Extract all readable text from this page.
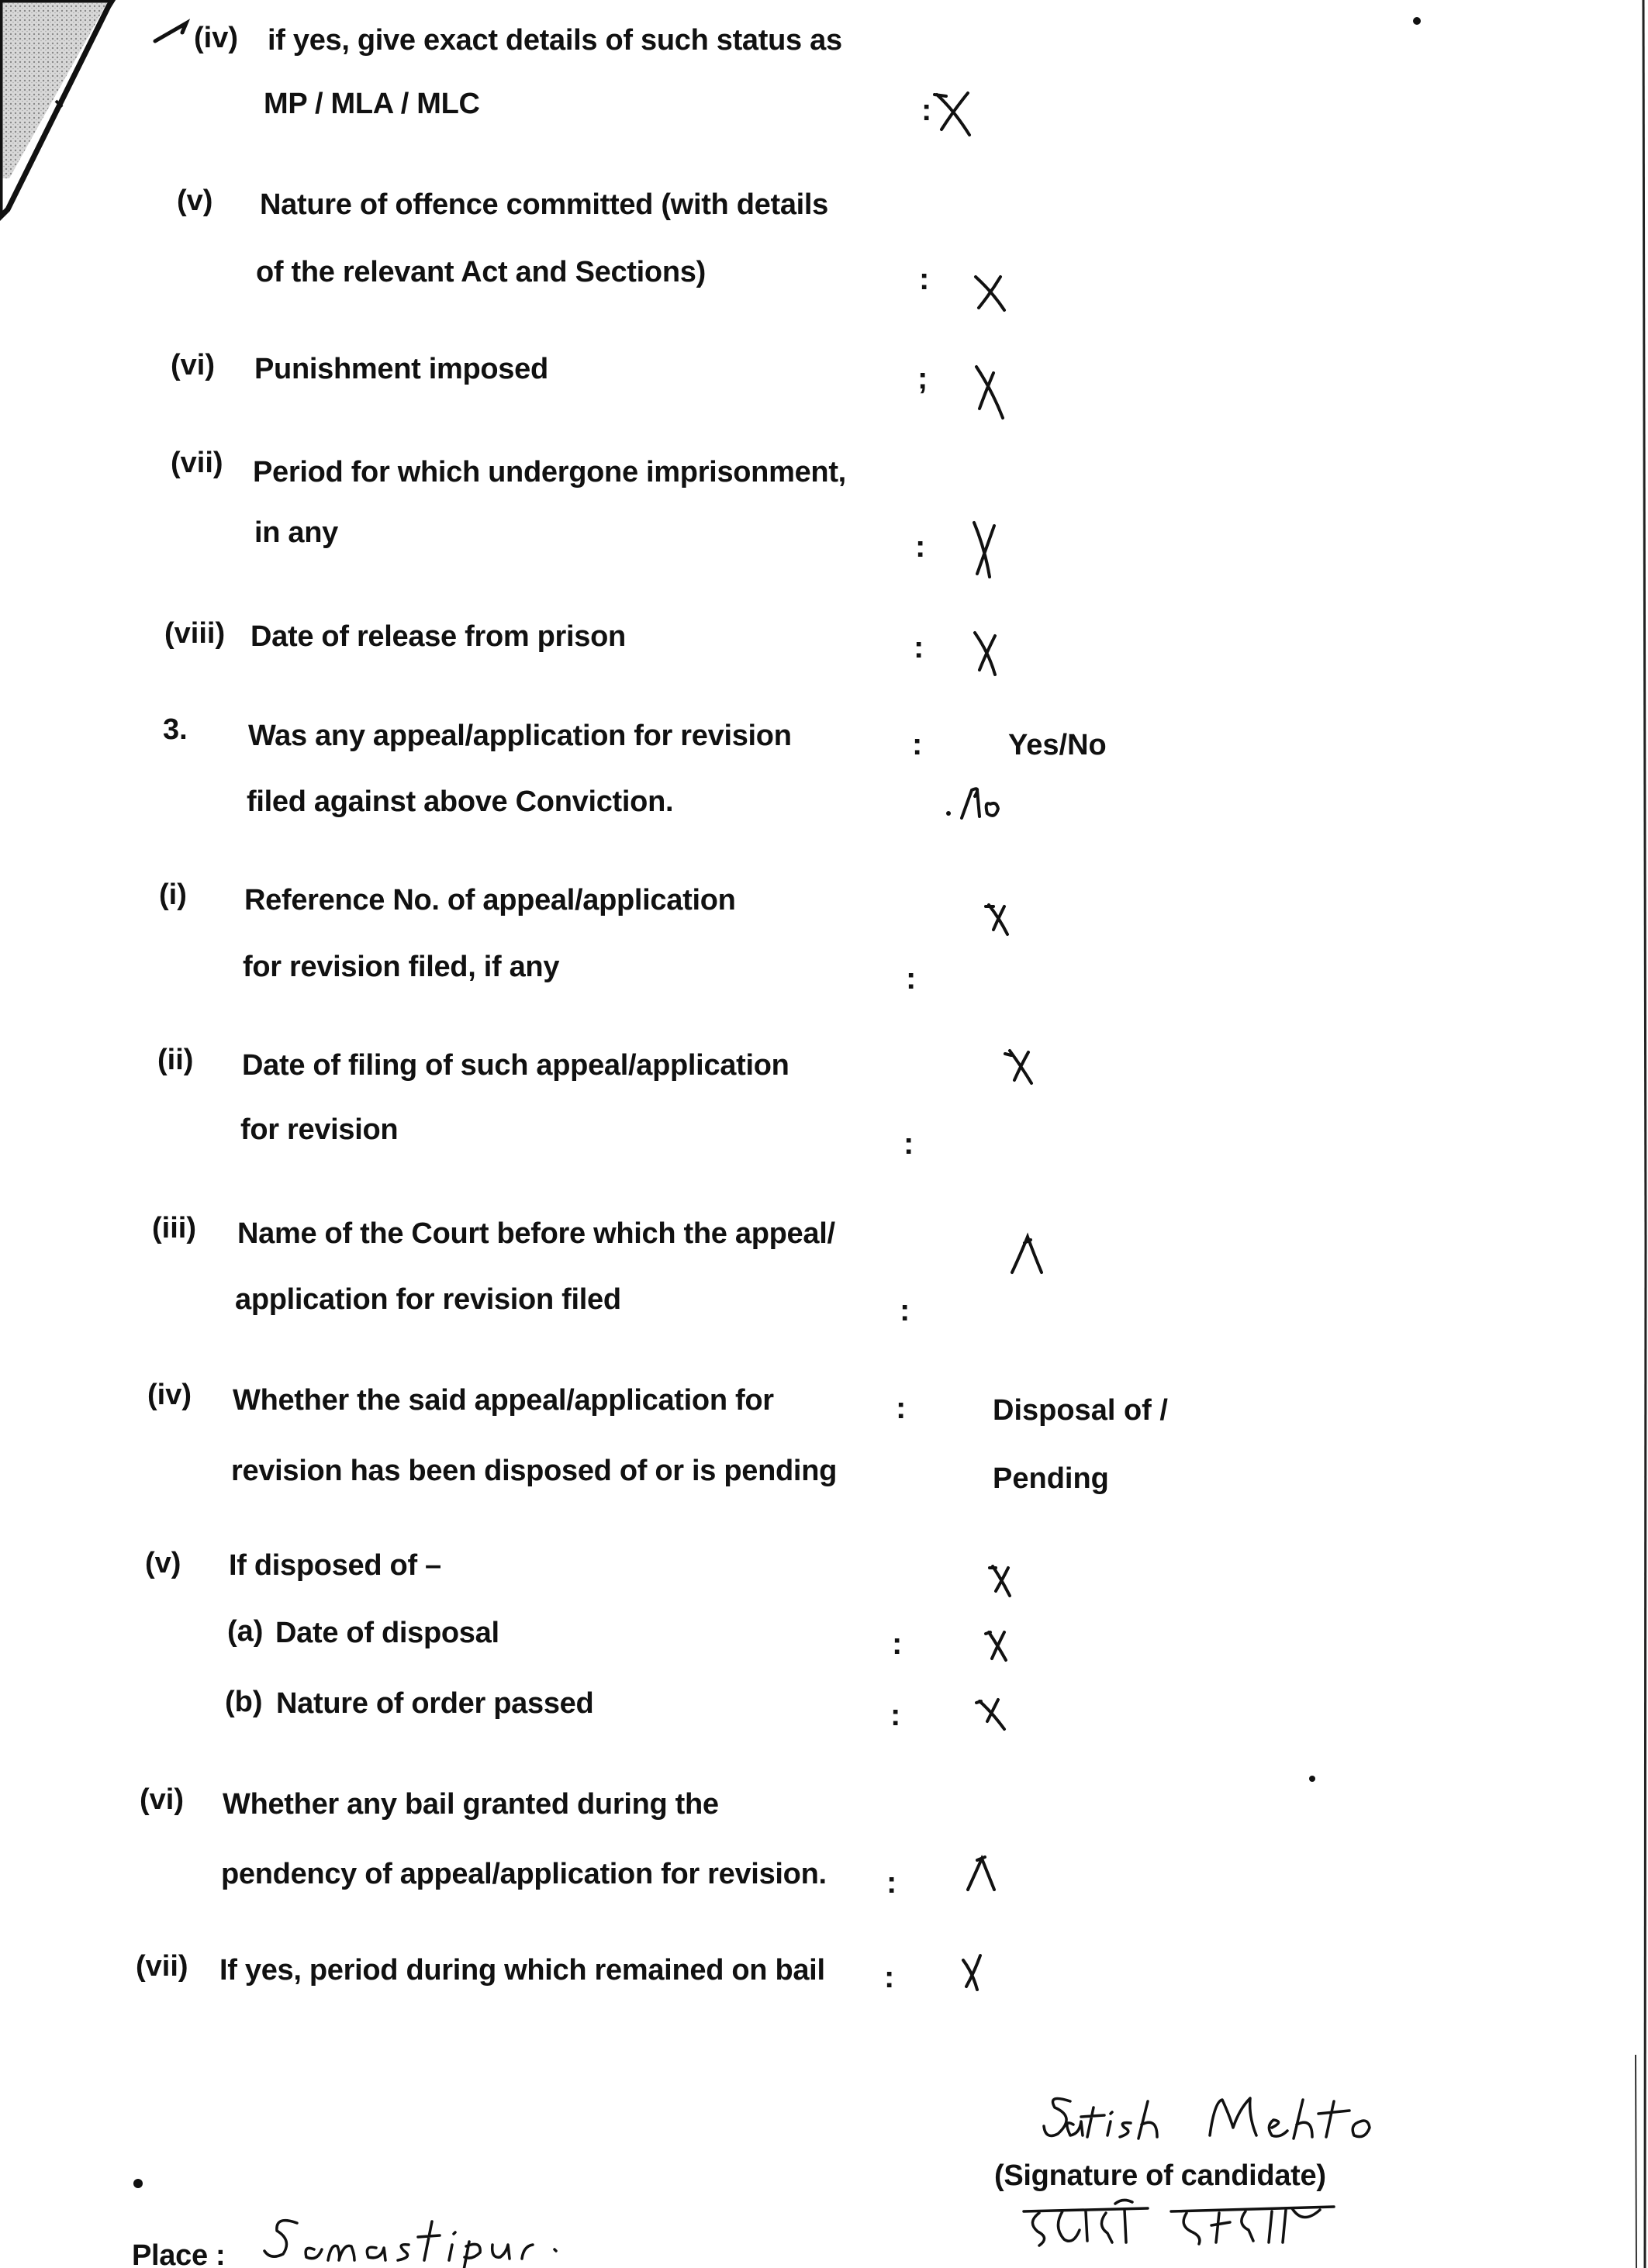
(iv) if yes, give exact details of such status as
MP / MLA / MLC	:
(v) Nature of offence committed (with details
of the relevant Act and Sections)	:
(vi) Punishment imposed	;
(vii) Period for which undergone imprisonment,
in any	:
(viii) Date of release from prison	:
3. Was any appeal/application for revision
filed against above Conviction.
:	Yes/No
(i) Reference No. of appeal/application
for revision filed, if any	:
(ii) Date of filing of such appeal/application
for revision	:
(iii) Name of the Court before which the appeal/
application for revision filed	:
(iv) Whether the said appeal/application for
revision has been disposed of or is pending
:	Disposal of /
Pending
(v) If disposed of –
(a) Date of disposal	:
(b) Nature of order passed	:
(vi) Whether any bail granted during the
pendency of appeal/application for revision. :
(vii) If yes, period during which remained on bail :
(Signature of candidate)
Place :
